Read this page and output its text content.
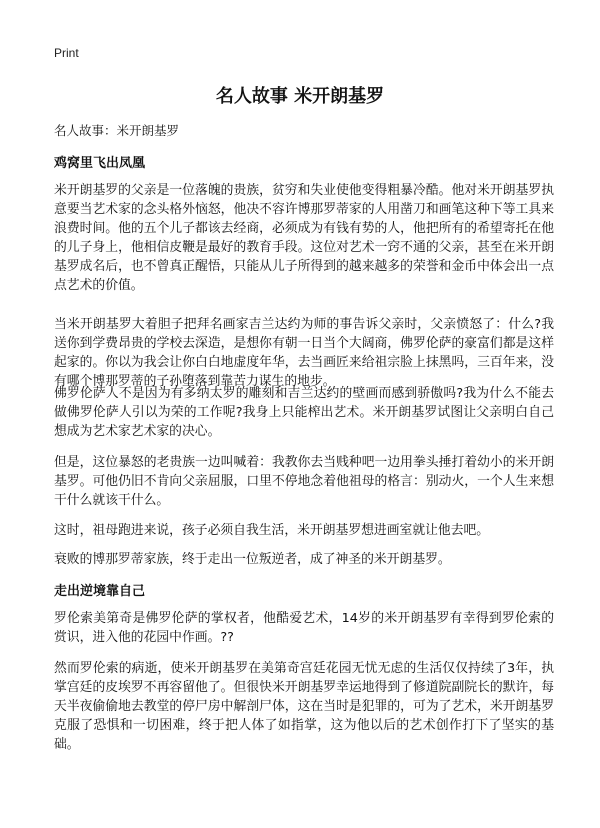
Print
名人故事 米开朗基罗
名人故事：米开朗基罗
鸡窝里飞出凤凰

米开朗基罗的父亲是一位落魄的贵族，贫穷和失业使他变得粗暴冷酷。他对米开朗基罗执意要当艺术家的念头格外恼怒，他决不容许博那罗蒂家的人用凿刀和画笔这种下等工具来浪费时间。他的五个儿子都该去经商，必须成为有钱有势的人，他把所有的希望寄托在他的儿子身上，他相信皮鞭是最好的教育手段。这位对艺术一窍不通的父亲，甚至在米开朗基罗成名后，也不曾真正醒悟，只能从儿子所得到的越来越多的荣誉和金币中体会出一点点艺术的价值。

当米开朗基罗大着胆子把拜名画家吉兰达约为师的事告诉父亲时，父亲愤怒了：什么?我送你到学费昂贵的学校去深造，是想你有朝一日当个大阔商，佛罗伦萨的豪富们都是这样起家的。你以为我会让你白白地虚度年华，去当画匠来给祖宗脸上抹黑吗，三百年来，没有哪个博那罗蒂的子孙堕落到靠苦力谋生的地步。

佛罗伦萨人不是因为有多纳太罗的雕刻和吉兰达约的壁画而感到骄傲吗?我为什么不能去做佛罗伦萨人引以为荣的工作呢?我身上只能榨出艺术。米开朗基罗试图让父亲明白自己想成为艺术家艺术家的决心。

但是，这位暴怒的老贵族一边叫喊着：我教你去当贱种吧一边用拳头捶打着幼小的米开朗基罗。可他仍旧不肯向父亲屈服，口里不停地念着他祖母的格言：别动火，一个人生来想干什么就该干什么。

这时，祖母跑进来说，孩子必须自我生活，米开朗基罗想进画室就让他去吧。

衰败的博那罗蒂家族，终于走出一位叛逆者，成了神圣的米开朗基罗。

走出逆境靠自己

罗伦索美第奇是佛罗伦萨的掌权者，他酷爱艺术，14岁的米开朗基罗有幸得到罗伦索的赏识，进入他的花园中作画。??

然而罗伦索的病逝，使米开朗基罗在美第奇宫廷花园无忧无虑的生活仅仅持续了3年，执掌宫廷的皮埃罗不再容留他了。但很快米开朗基罗幸运地得到了修道院副院长的默许，每天半夜偷偷地去教堂的停尸房中解剖尸体，这在当时是犯罪的，可为了艺术，米开朗基罗克服了恐惧和一切困难，终于把人体了如指掌，这为他以后的艺术创作打下了坚实的基础。
